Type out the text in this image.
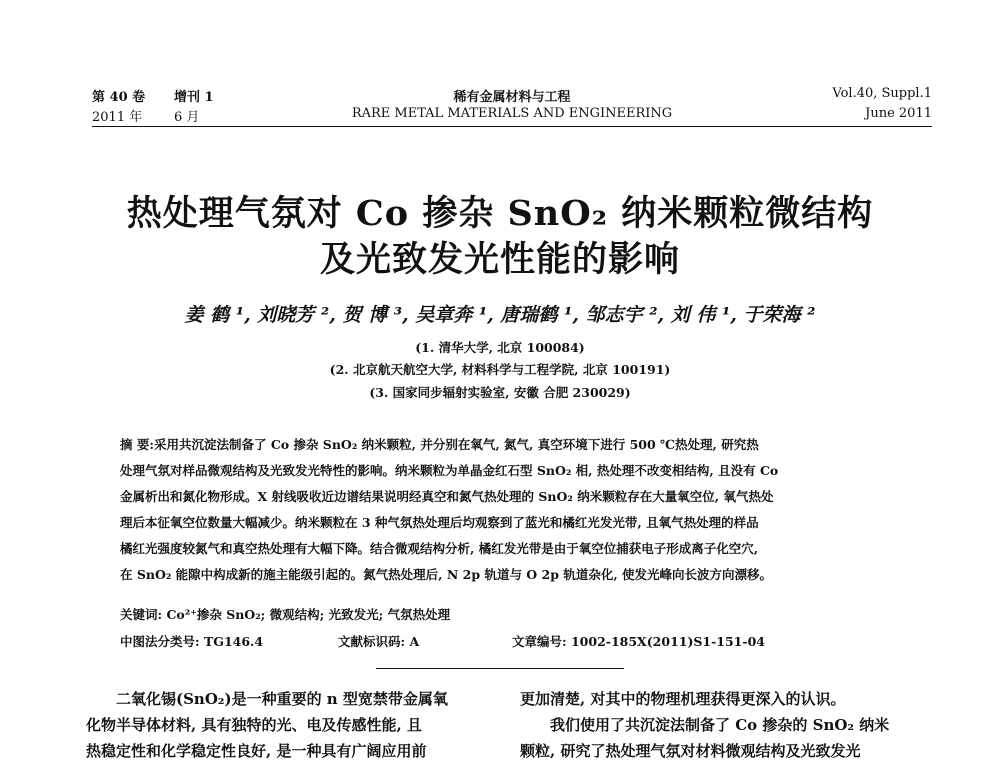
第 40 卷 增刊 1	稀有金属材料与工程	Vol.40, Suppl.1
2011 年 6 月	RARE METAL MATERIALS AND ENGINEERING	June 2011
热处理气氛对 Co 掺杂 SnO₂ 纳米颗粒微结构
及光致发光性能的影响
姜 鹤 ¹, 刘晓芳 ², 贺 博 ³, 吴章奔 ¹, 唐瑞鹤 ¹, 邹志宇 ², 刘 伟 ¹, 于荣海 ²
(1. 清华大学, 北京 100084)
(2. 北京航天航空大学, 材料科学与工程学院, 北京 100191)
(3. 国家同步辐射实验室, 安徽 合肥 230029)

摘 要:采用共沉淀法制备了 Co 掺杂 SnO₂ 纳米颗粒, 并分别在氧气, 氮气, 真空环境下进行 500 ℃热处理, 研究热

处理气氛对样品微观结构及光致发光特性的影响。纳米颗粒为单晶金红石型 SnO₂ 相, 热处理不改变相结构, 且没有 Co

金属析出和氮化物形成。X 射线吸收近边谱结果说明经真空和氮气热处理的 SnO₂ 纳米颗粒存在大量氧空位, 氧气热处

理后本征氧空位数量大幅减少。纳米颗粒在 3 种气氛热处理后均观察到了蓝光和橘红光发光带, 且氧气热处理的样品

橘红光强度较氮气和真空热处理有大幅下降。结合微观结构分析, 橘红发光带是由于氧空位捕获电子形成离子化空穴,

在 SnO₂ 能隙中构成新的施主能级引起的。氮气热处理后, N 2p 轨道与 O 2p 轨道杂化, 使发光峰向长波方向漂移。

关键词: Co²⁺掺杂 SnO₂; 微观结构; 光致发光; 气氛热处理
中图法分类号: TG146.4	文献标识码: A	文章编号: 1002-185X(2011)S1-151-04

二氧化锡(SnO₂)是一种重要的 n 型宽禁带金属氧

化物半导体材料, 具有独特的光、电及传感性能, 且

热稳定性和化学稳定性良好, 是一种具有广阔应用前

更加清楚, 对其中的物理机理获得更深入的认识。

我们使用了共沉淀法制备了 Co 掺杂的 SnO₂ 纳米

颗粒, 研究了热处理气氛对材料微观结构及光致发光
